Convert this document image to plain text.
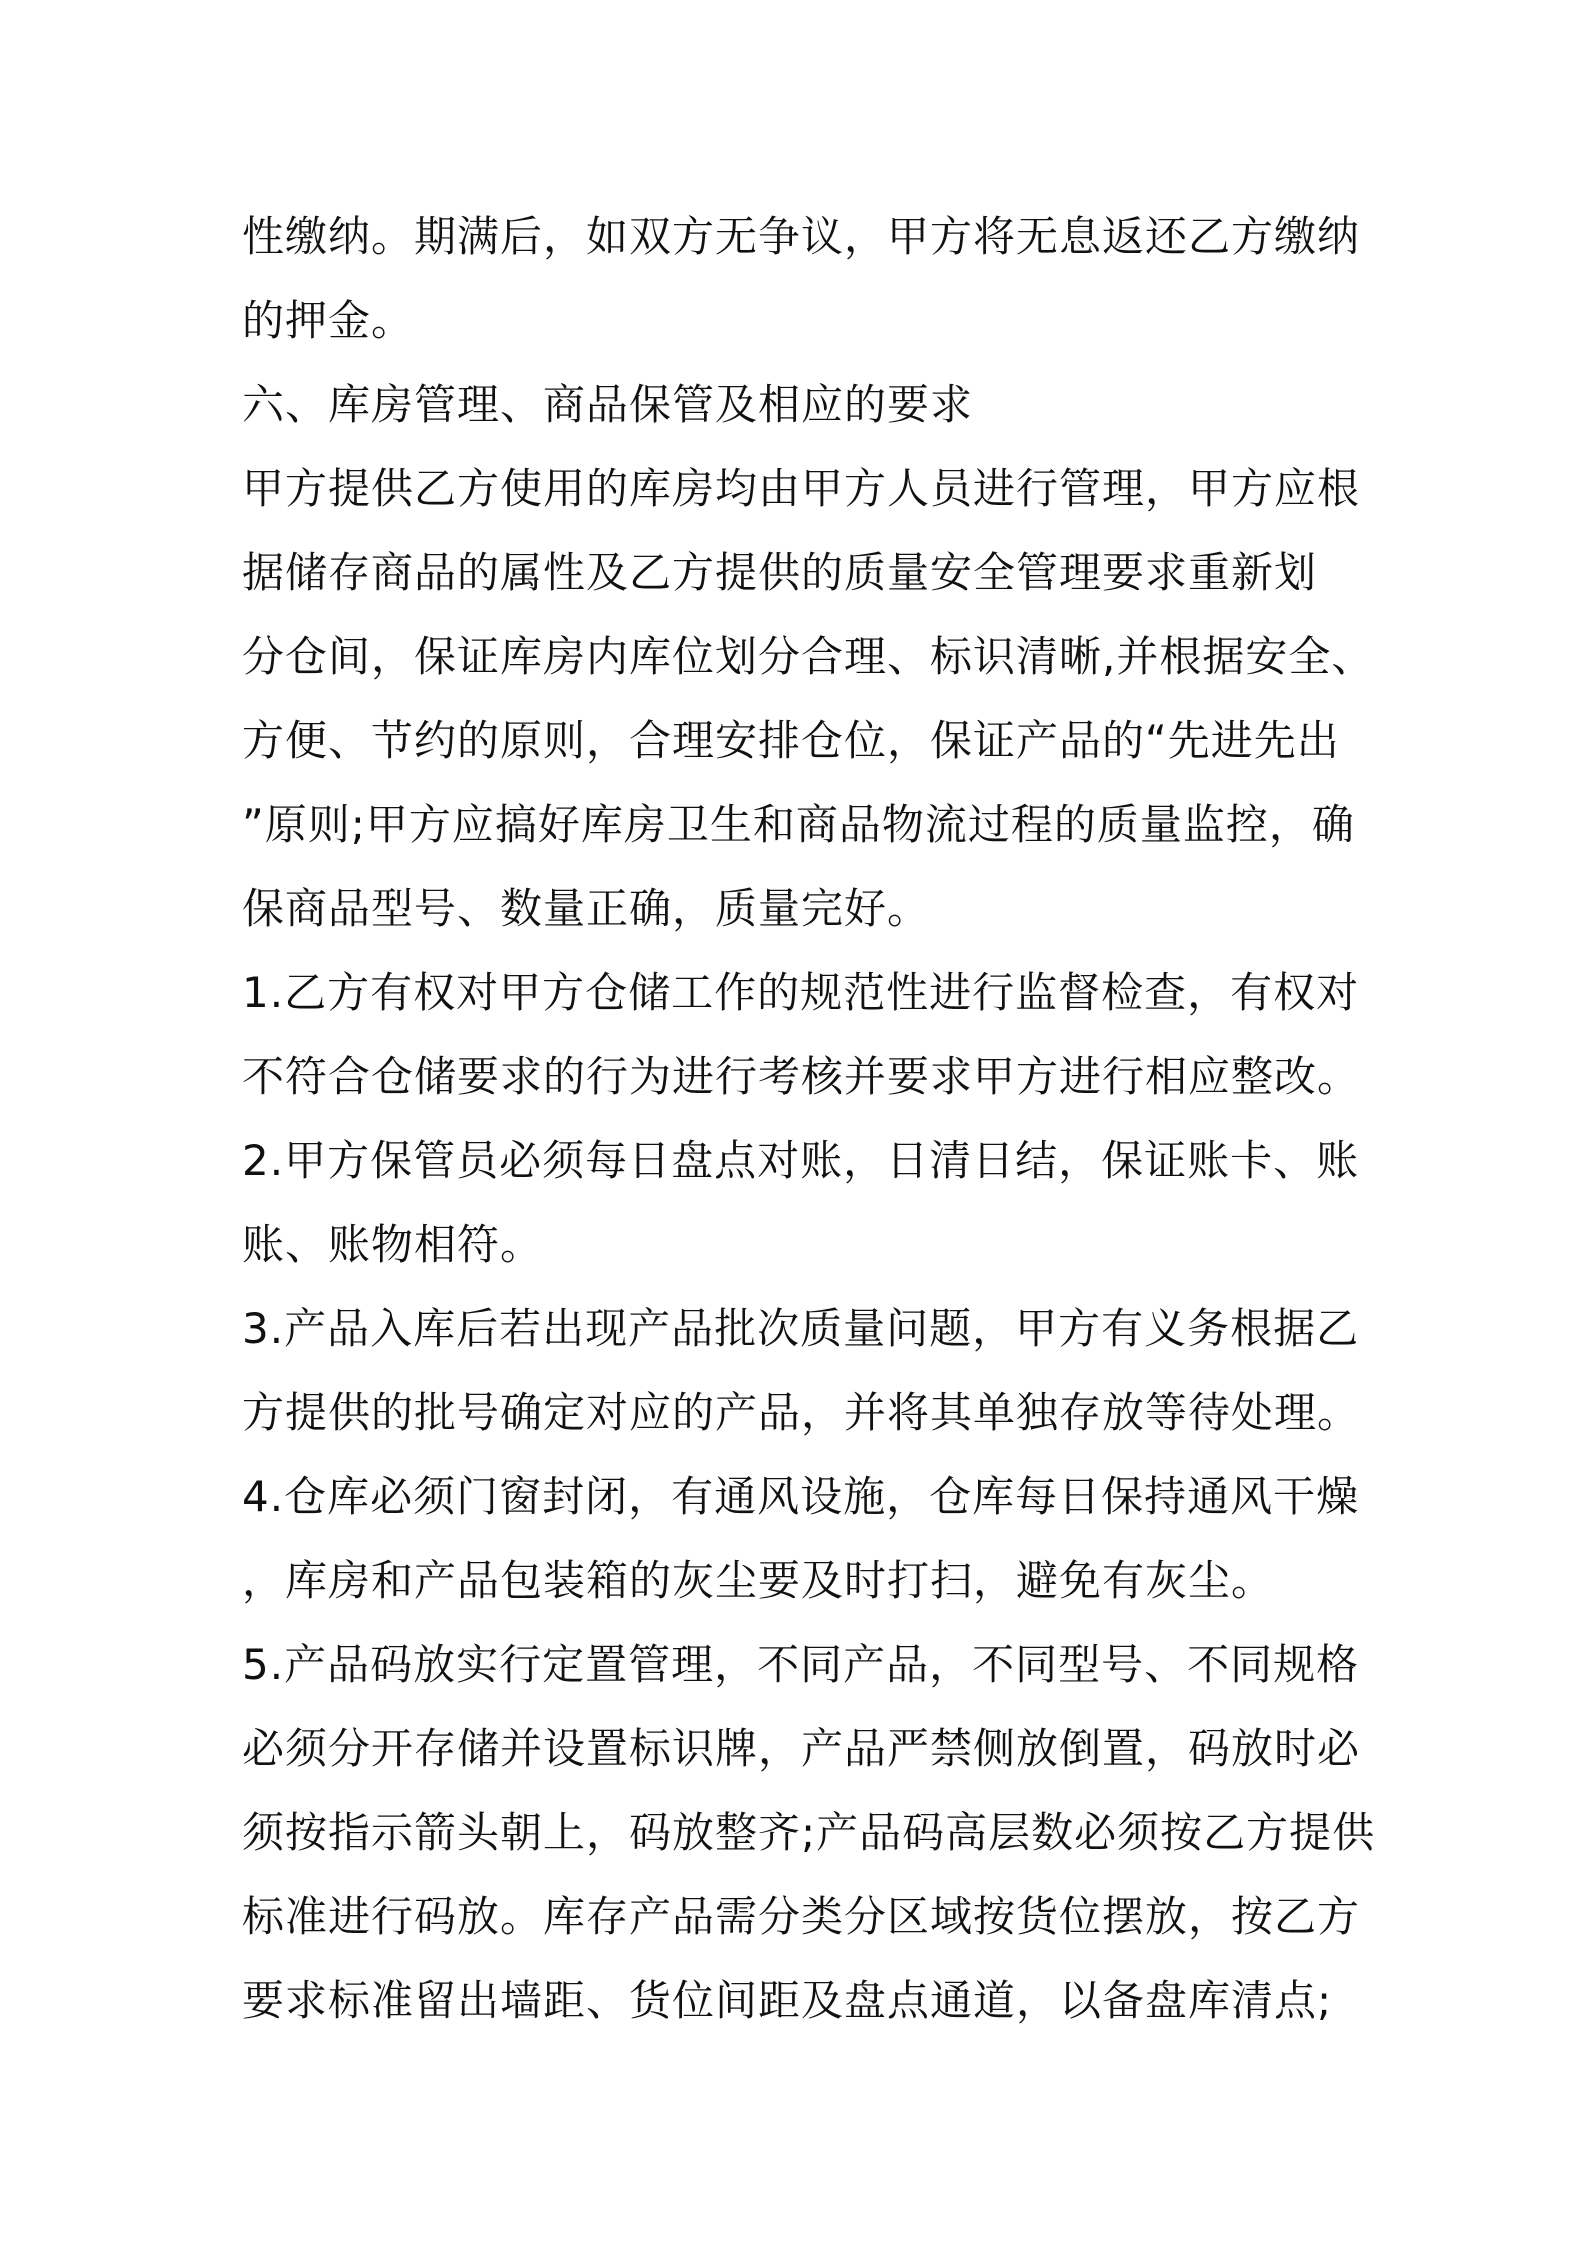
性缴纳。期满后，如双方无争议，甲方将无息返还乙方缴纳
的押金。
六、库房管理、商品保管及相应的要求
甲方提供乙方使用的库房均由甲方人员进行管理，甲方应根
据储存商品的属性及乙方提供的质量安全管理要求重新划
分仓间，保证库房内库位划分合理、标识清晰,并根据安全、
方便、节约的原则，合理安排仓位，保证产品的“先进先出
”原则;甲方应搞好库房卫生和商品物流过程的质量监控，确
保商品型号、数量正确，质量完好。
1.乙方有权对甲方仓储工作的规范性进行监督检查，有权对
不符合仓储要求的行为进行考核并要求甲方进行相应整改。
2.甲方保管员必须每日盘点对账，日清日结，保证账卡、账
账、账物相符。
3.产品入库后若出现产品批次质量问题，甲方有义务根据乙
方提供的批号确定对应的产品，并将其单独存放等待处理。
4.仓库必须门窗封闭，有通风设施，仓库每日保持通风干燥
，库房和产品包装箱的灰尘要及时打扫，避免有灰尘。
5.产品码放实行定置管理，不同产品，不同型号、不同规格
必须分开存储并设置标识牌，产品严禁侧放倒置，码放时必
须按指示箭头朝上，码放整齐;产品码高层数必须按乙方提供
标准进行码放。库存产品需分类分区域按货位摆放，按乙方
要求标准留出墙距、货位间距及盘点通道，以备盘库清点;
